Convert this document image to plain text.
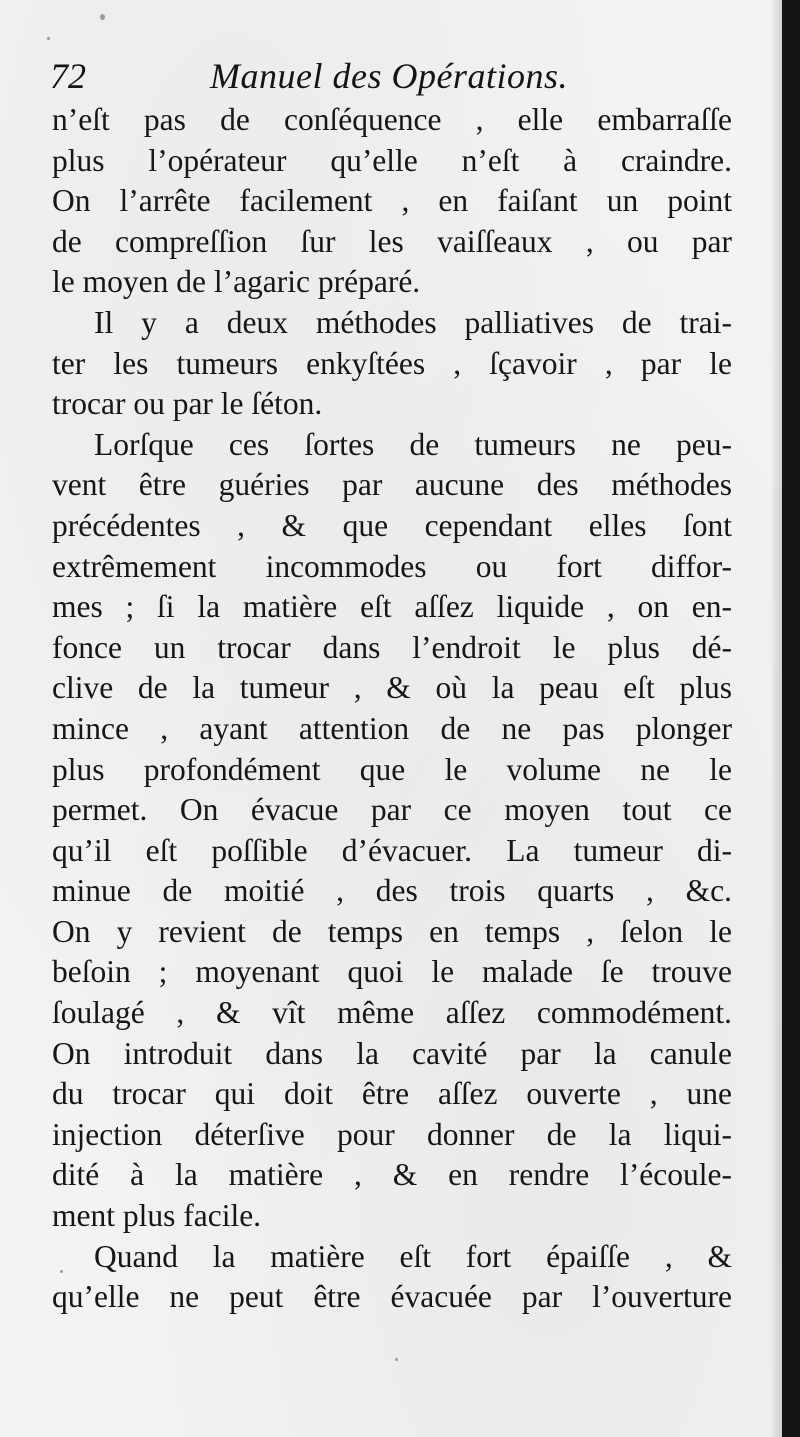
72	Manuel des Opérations.
n’eſt pas de conſéquence , elle embarraſſe
plus l’opérateur qu’elle n’eſt à craindre.
On l’arrête facilement , en faiſant un point
de compreſſion ſur les vaiſſeaux , ou par
le moyen de l’agaric préparé.
Il y a deux méthodes palliatives de trai-
ter les tumeurs enkyſtées , ſçavoir , par le
trocar ou par le ſéton.
Lorſque ces ſortes de tumeurs ne peu-
vent être guéries par aucune des méthodes
précédentes , & que cependant elles ſont
extrêmement incommodes ou fort diffor-
mes ; ſi la matière eſt aſſez liquide , on en-
fonce un trocar dans l’endroit le plus dé-
clive de la tumeur , & où la peau eſt plus
mince , ayant attention de ne pas plonger
plus profondément que le volume ne le
permet. On évacue par ce moyen tout ce
qu’il eſt poſſible d’évacuer. La tumeur di-
minue de moitié , des trois quarts , &c.
On y revient de temps en temps , ſelon le
beſoin ; moyenant quoi le malade ſe trouve
ſoulagé , & vît même aſſez commodément.
On introduit dans la cavité par la canule
du trocar qui doit être aſſez ouverte , une
injection déterſive pour donner de la liqui-
dité à la matière , & en rendre l’écoule-
ment plus facile.
Quand la matière eſt fort épaiſſe , &
qu’elle ne peut être évacuée par l’ouverture
